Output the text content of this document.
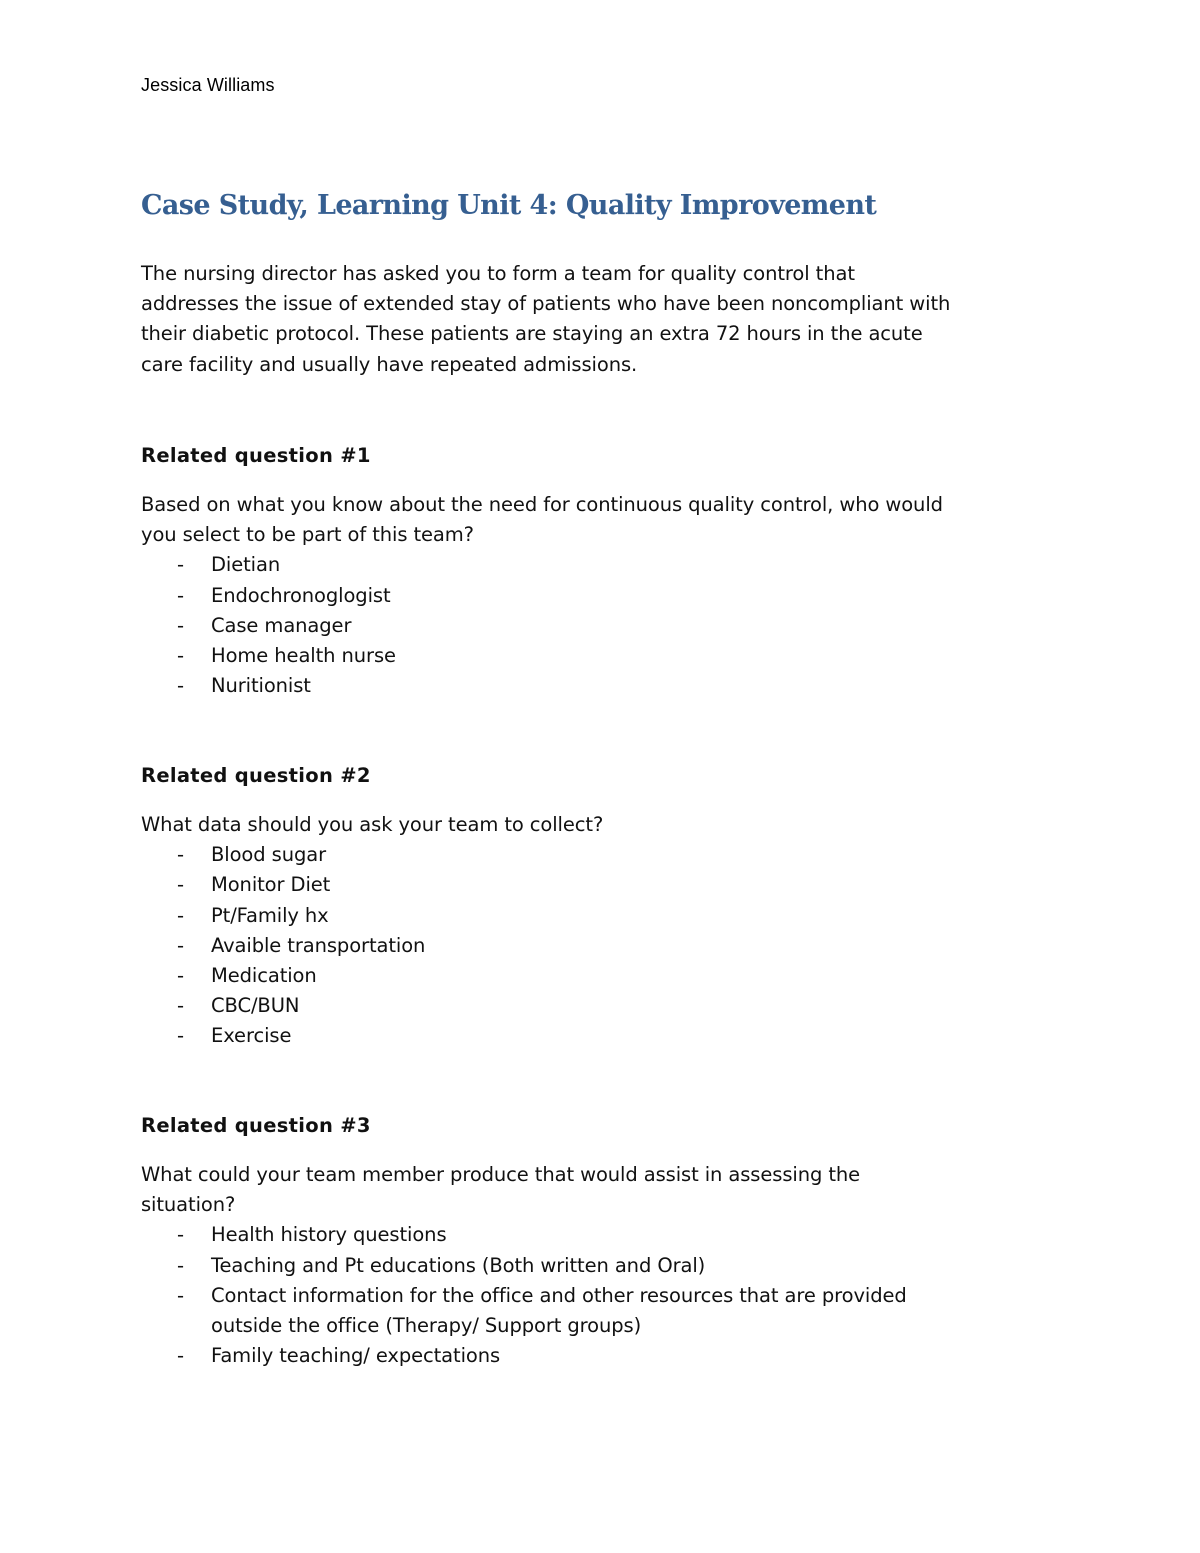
Jessica Williams
Case Study, Learning Unit 4: Quality Improvement

The nursing director has asked you to form a team for quality control that
addresses the issue of extended stay of patients who have been noncompliant with
their diabetic protocol. These patients are staying an extra 72 hours in the acute
care facility and usually have repeated admissions.

Related question #1

Based on what you know about the need for continuous quality control, who would
you select to be part of this team?

- Dietian
- Endochronoglogist
- Case manager
- Home health nurse
- Nuritionist
Related question #2

What data should you ask your team to collect?

- Blood sugar
- Monitor Diet
- Pt/Family hx
- Avaible transportation
- Medication
- CBC/BUN
- Exercise
Related question #3

What could your team member produce that would assist in assessing the
situation?

- Health history questions
- Teaching and Pt educations (Both written and Oral)
- Contact information for the office and other resources that are provided
outside the office (Therapy/ Support groups)
- Family teaching/ expectations
